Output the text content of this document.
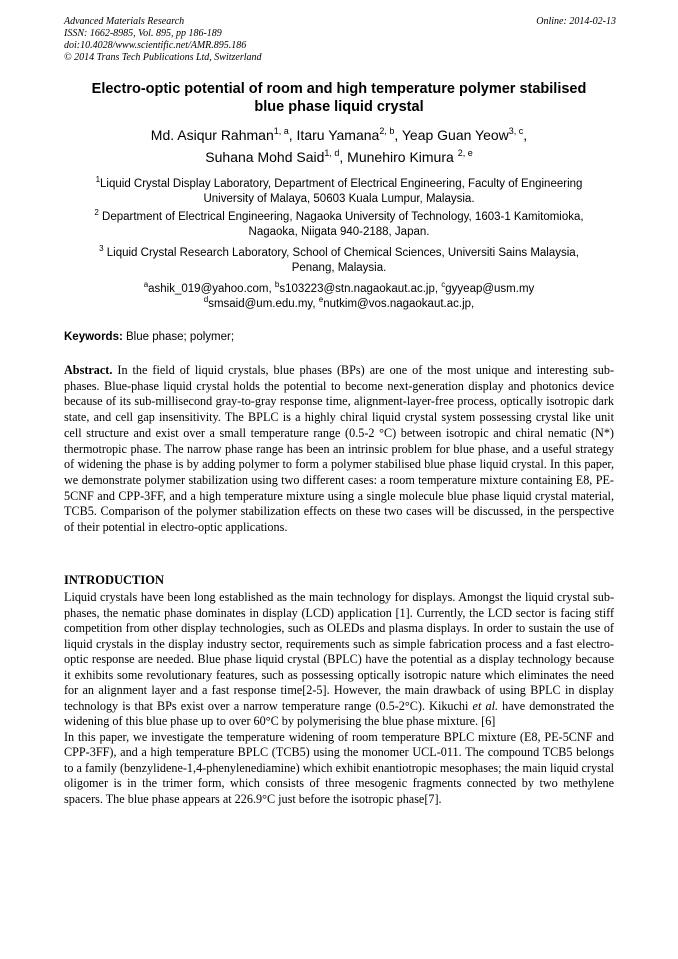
Advanced Materials Research
ISSN: 1662-8985, Vol. 895, pp 186-189
doi:10.4028/www.scientific.net/AMR.895.186
© 2014 Trans Tech Publications Ltd, Switzerland
Online: 2014-02-13
Electro-optic potential of room and high temperature polymer stabilised
blue phase liquid crystal
Md. Asiqur Rahman$^{1, a}$, Itaru Yamana$^{2, b}$, Yeap Guan Yeow$^{3, c}$,
Suhana Mohd Said$^{1, d}$, Munehiro Kimura $^{2, e}$
$^1$Liquid Crystal Display Laboratory, Department of Electrical Engineering, Faculty of Engineering
University of Malaya, 50603 Kuala Lumpur, Malaysia.
$^2$ Department of Electrical Engineering, Nagaoka University of Technology, 1603-1 Kamitomioka,
Nagaoka, Niigata 940-2188, Japan.
$^3$ Liquid Crystal Research Laboratory, School of Chemical Sciences, Universiti Sains Malaysia,
Penang, Malaysia.
$^a$ashik_019@yahoo.com, $^b$s103223@stn.nagaokaut.ac.jp, $^c$gyyeap@usm.my
$^d$smsaid@um.edu.my, $^e$nutkim@vos.nagaokaut.ac.jp,
Keywords: Blue phase; polymer;
Abstract. In the field of liquid crystals, blue phases (BPs) are one of the most unique and interesting sub-phases. Blue-phase liquid crystal holds the potential to become next-generation display and photonics device because of its sub-millisecond gray-to-gray response time, alignment-layer-free process, optically isotropic dark state, and cell gap insensitivity. The BPLC is a highly chiral liquid crystal system possessing crystal like unit cell structure and exist over a small temperature range (0.5-2 °C) between isotropic and chiral nematic (N*) thermotropic phase. The narrow phase range has been an intrinsic problem for blue phase, and a useful strategy of widening the phase is by adding polymer to form a polymer stabilised blue phase liquid crystal. In this paper, we demonstrate polymer stabilization using two different cases: a room temperature mixture containing E8, PE-5CNF and CPP-3FF, and a high temperature mixture using a single molecule blue phase liquid crystal material, TCB5. Comparison of the polymer stabilization effects on these two cases will be discussed, in the perspective of their potential in electro-optic applications.
INTRODUCTION

Liquid crystals have been long established as the main technology for displays. Amongst the liquid crystal sub-phases, the nematic phase dominates in display (LCD) application [1]. Currently, the LCD sector is facing stiff competition from other display technologies, such as OLEDs and plasma displays. In order to sustain the use of liquid crystals in the display industry sector, requirements such as simple fabrication process and a fast electro-optic response are needed. Blue phase liquid crystal (BPLC) have the potential as a display technology because it exhibits some revolutionary features, such as possessing optically isotropic nature which eliminates the need for an alignment layer and a fast response time[2-5]. However, the main drawback of using BPLC in display technology is that BPs exist over a narrow temperature range (0.5-2°C). Kikuchi et al. have demonstrated the widening of this blue phase up to over 60°C by polymerising the blue phase mixture. [6]

In this paper, we investigate the temperature widening of room temperature BPLC mixture (E8, PE-5CNF and CPP-3FF), and a high temperature BPLC (TCB5) using the monomer UCL-011. The compound TCB5 belongs to a family (benzylidene-1,4-phenylenediamine) which exhibit enantiotropic mesophases; the main liquid crystal oligomer is in the trimer form, which consists of three mesogenic fragments connected by two methylene spacers. The blue phase appears at 226.9°C just before the isotropic phase[7].
